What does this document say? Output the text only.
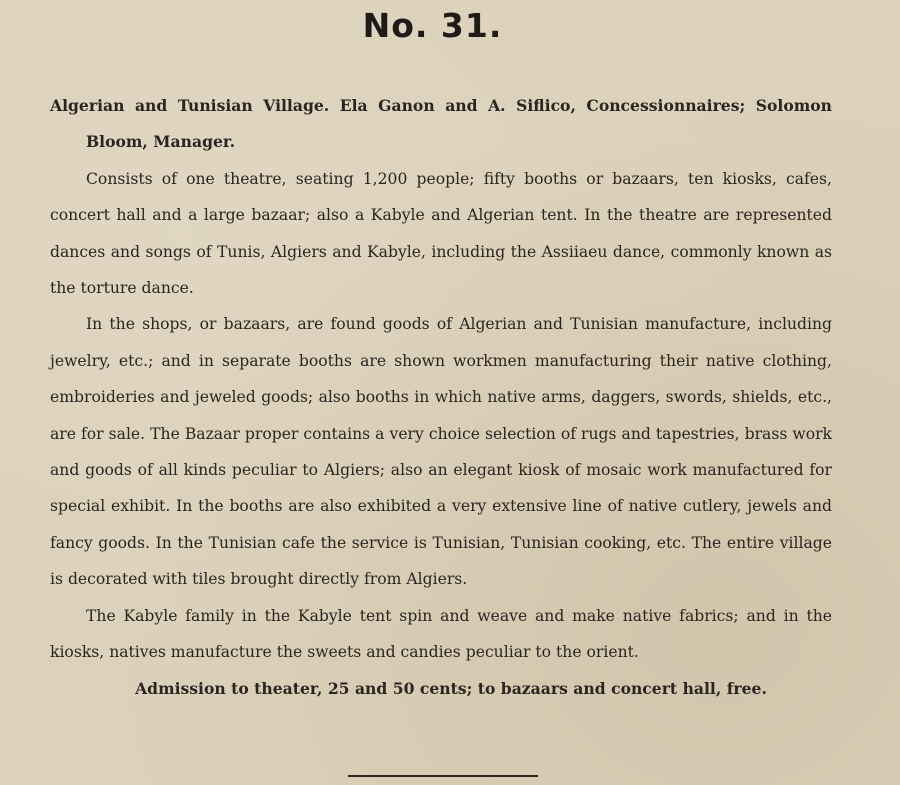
No. 31.

Algerian and Tunisian Village. Ela Ganon and A. Siflico, Concessionnaires; Solomon Bloom, Manager.

Consists of one theatre, seating 1,200 people; fifty booths or bazaars, ten kiosks, cafes, concert hall and a large bazaar; also a Kabyle and Algerian tent. In the theatre are represented dances and songs of Tunis, Algiers and Kabyle, including the Assiiaeu dance, commonly known as the torture dance.

In the shops, or bazaars, are found goods of Algerian and Tunisian manufacture, including jewelry, etc.; and in separate booths are shown workmen manufacturing their native clothing, embroideries and jeweled goods; also booths in which native arms, daggers, swords, shields, etc., are for sale. The Bazaar proper contains a very choice selection of rugs and tapestries, brass work and goods of all kinds peculiar to Algiers; also an elegant kiosk of mosaic work manufactured for special exhibit. In the booths are also exhibited a very extensive line of native cutlery, jewels and fancy goods. In the Tunisian cafe the service is Tunisian, Tunisian cooking, etc. The entire village is decorated with tiles brought directly from Algiers.

The Kabyle family in the Kabyle tent spin and weave and make native fabrics; and in the kiosks, natives manufacture the sweets and candies peculiar to the orient.

Admission to theater, 25 and 50 cents; to bazaars and concert hall, free.
